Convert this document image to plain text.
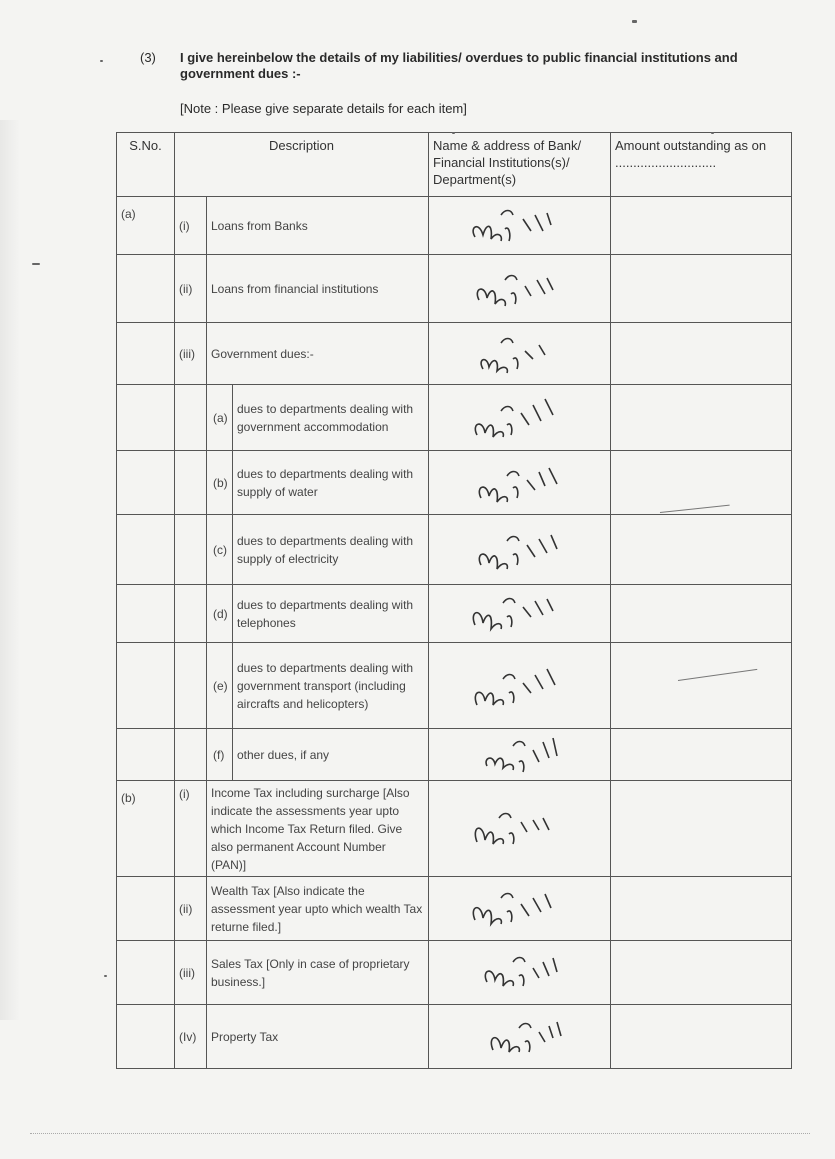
(3) I give hereinbelow the details of my liabilities/ overdues to public financial institutions and government dues :-
[Note : Please give separate details for each item]
S.No.	Description			Name & address of Bank/ Financial Institutions(s)/ Department(s)	Amount outstanding as on ............................

(a)	(i)	Loans from Banks	

	(ii)	Loans from financial institutions	

	(iii)	Government dues:-	

		(a)	dues to departments dealing with government accommodation	

		(b)	dues to departments dealing with supply of water	

		(c)	dues to departments dealing with supply of electricity	

		(d)	dues to departments dealing with telephones	

		(e)	dues to departments dealing with government transport (including aircrafts and helicopters)	

		(f)	other dues, if any	

(b)	(i)	Income Tax including surcharge [Also indicate the assessments year upto which Income Tax Return filed. Give also permanent Account Number (PAN)]	

	(ii)	Wealth Tax [Also indicate the assessment year upto which wealth Tax returne filed.]	

	(iii)	Sales Tax [Only in case of proprietary business.]	

	(Iv)	Property Tax	
